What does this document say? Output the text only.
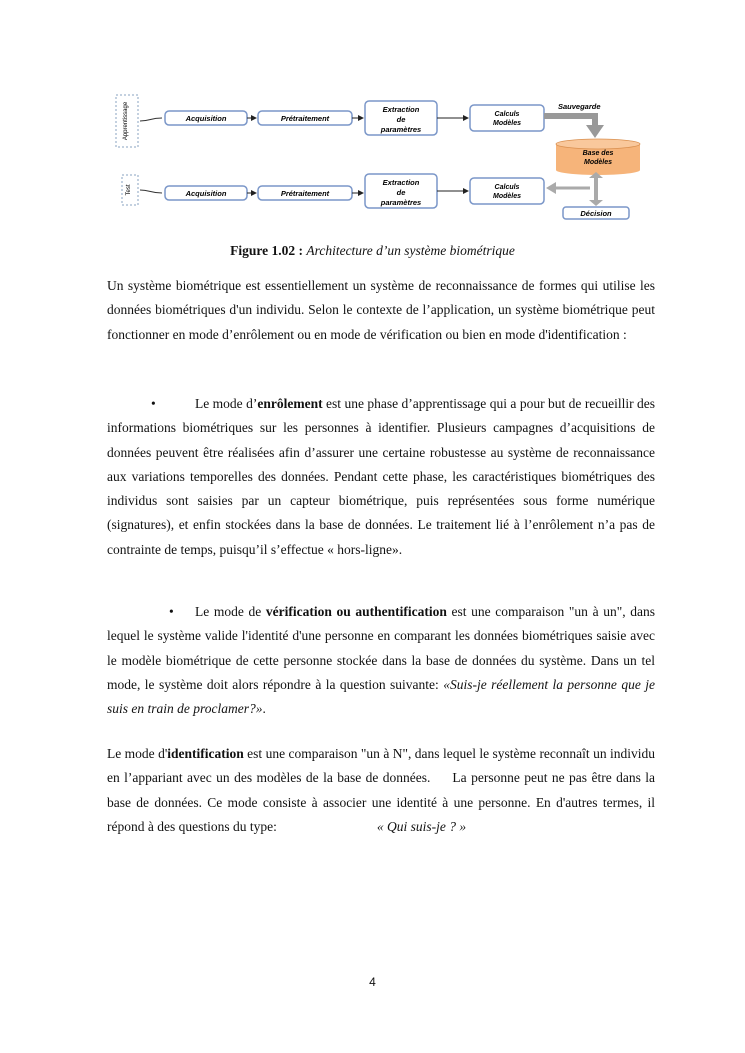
Apprentissage	Acquisition	Prétraitement
Extraction
de
paramètres
Calculs
Modèles
Sauvegarde
Base des
Modèles
Test	Acquisition	Prétraitement
Extraction
de
paramètres
Calculs
Modèles
Décision
Figure 1.02 : Architecture d’un système biométrique
Un système biométrique est essentiellement un système de reconnaissance de formes qui utilise les données biométriques d'un individu. Selon le contexte de l’application, un système biométrique peut fonctionner en mode d’enrôlement ou en mode de vérification ou bien en mode d'identification :
•	Le mode d’enrôlement est une phase d’apprentissage qui a pour but de recueillir des informations biométriques sur les personnes à identifier. Plusieurs campagnes d’acquisitions de données peuvent être réalisées afin d’assurer une certaine robustesse au système de reconnaissance aux variations temporelles des données. Pendant cette phase, les caractéristiques biométriques des individus sont saisies par un capteur biométrique, puis représentées sous forme numérique (signatures), et enfin stockées dans la base de données. Le traitement lié à l’enrôlement n’a pas de contrainte de temps, puisqu’il s’effectue « hors-ligne».
• Le mode de vérification ou authentification est une comparaison "un à un", dans lequel le système valide l'identité d'une personne en comparant les données biométriques saisie avec le modèle biométrique de cette personne stockée dans la base de données du système. Dans un tel mode, le système doit alors répondre à la question suivante: «Suis-je réellement la personne que je suis en train de proclamer?».
Le mode d'identification est une comparaison "un à N", dans lequel le système reconnaît un individu en l’appariant avec un des modèles de la base de données. La personne peut ne pas être dans la base de données. Ce mode consiste à associer une identité à une personne. En d'autres termes, il répond à des questions du type:	« Qui suis-je ? »
4
